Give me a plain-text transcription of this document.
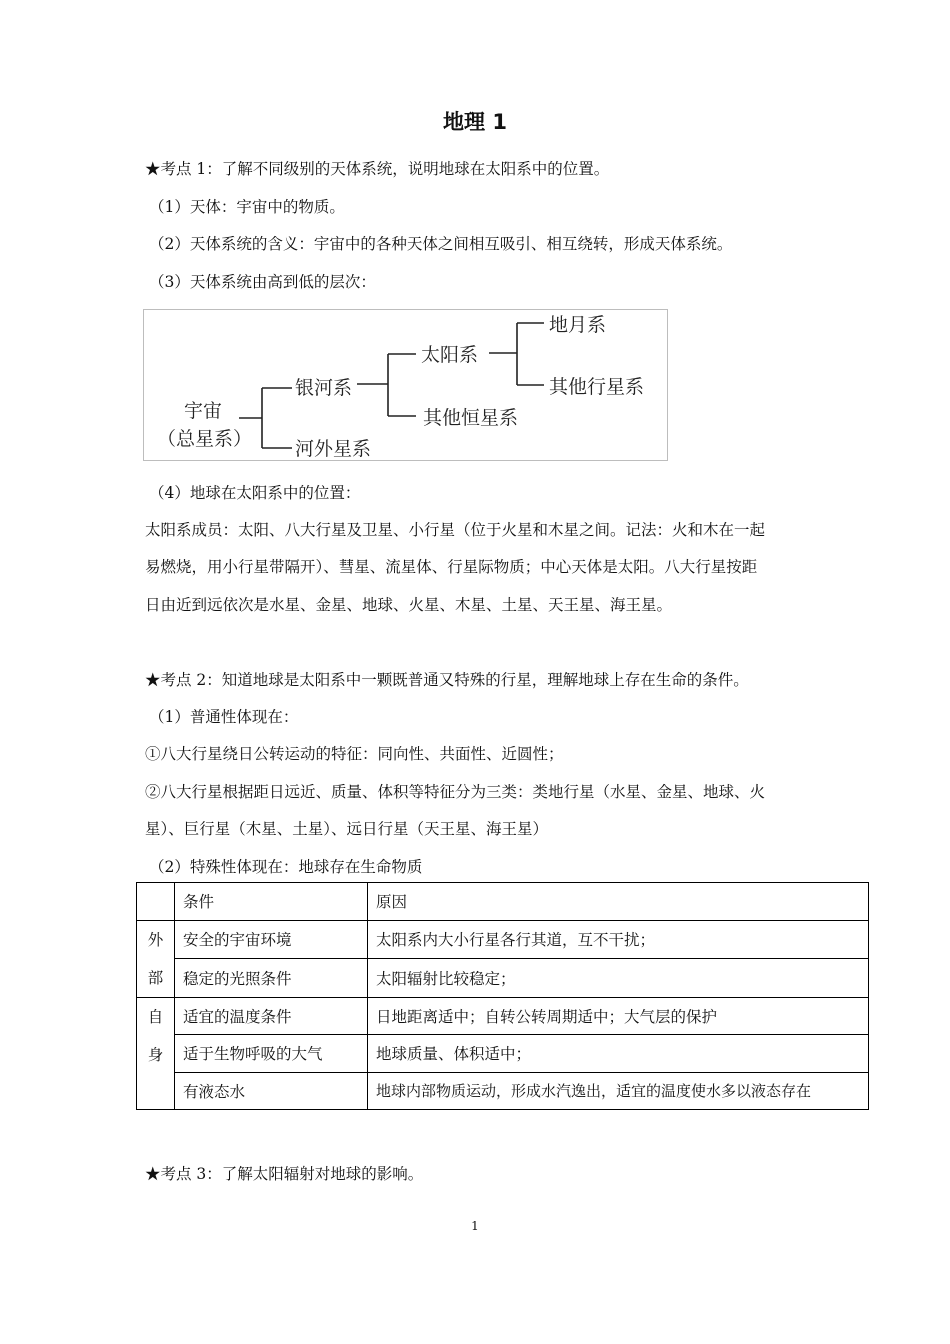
地理 1
★考点 1：了解不同级别的天体系统，说明地球在太阳系中的位置。
（1）天体：宇宙中的物质。
（2）天体系统的含义：宇宙中的各种天体之间相互吸引、相互绕转，形成天体系统。
（3）天体系统由高到低的层次：
宇宙
（总星系）
银河系
河外星系
太阳系
其他恒星系
地月系
其他行星系
（4）地球在太阳系中的位置：
太阳系成员：太阳、八大行星及卫星、小行星（位于火星和木星之间。记法：火和木在一起
易燃烧，用小行星带隔开）、彗星、流星体、行星际物质；中心天体是太阳。八大行星按距
日由近到远依次是水星、金星、地球、火星、木星、土星、天王星、海王星。
★考点 2：知道地球是太阳系中一颗既普通又特殊的行星，理解地球上存在生命的条件。
（1）普通性体现在：
①八大行星绕日公转运动的特征：同向性、共面性、近圆性；
②八大行星根据距日远近、质量、体积等特征分为三类：类地行星（水星、金星、地球、火
星）、巨行星（木星、土星）、远日行星（天王星、海王星）
（2）特殊性体现在：地球存在生命物质
	条件	原因
外
部	安全的宇宙环境	太阳系内大小行星各行其道，互不干扰；
	稳定的光照条件	太阳辐射比较稳定；
自
身	适宜的温度条件	日地距离适中；自转公转周期适中；大气层的保护
	适于生物呼吸的大气	地球质量、体积适中；
	有液态水	地球内部物质运动，形成水汽逸出，适宜的温度使水多以液态存在
★考点 3：了解太阳辐射对地球的影响。
1
